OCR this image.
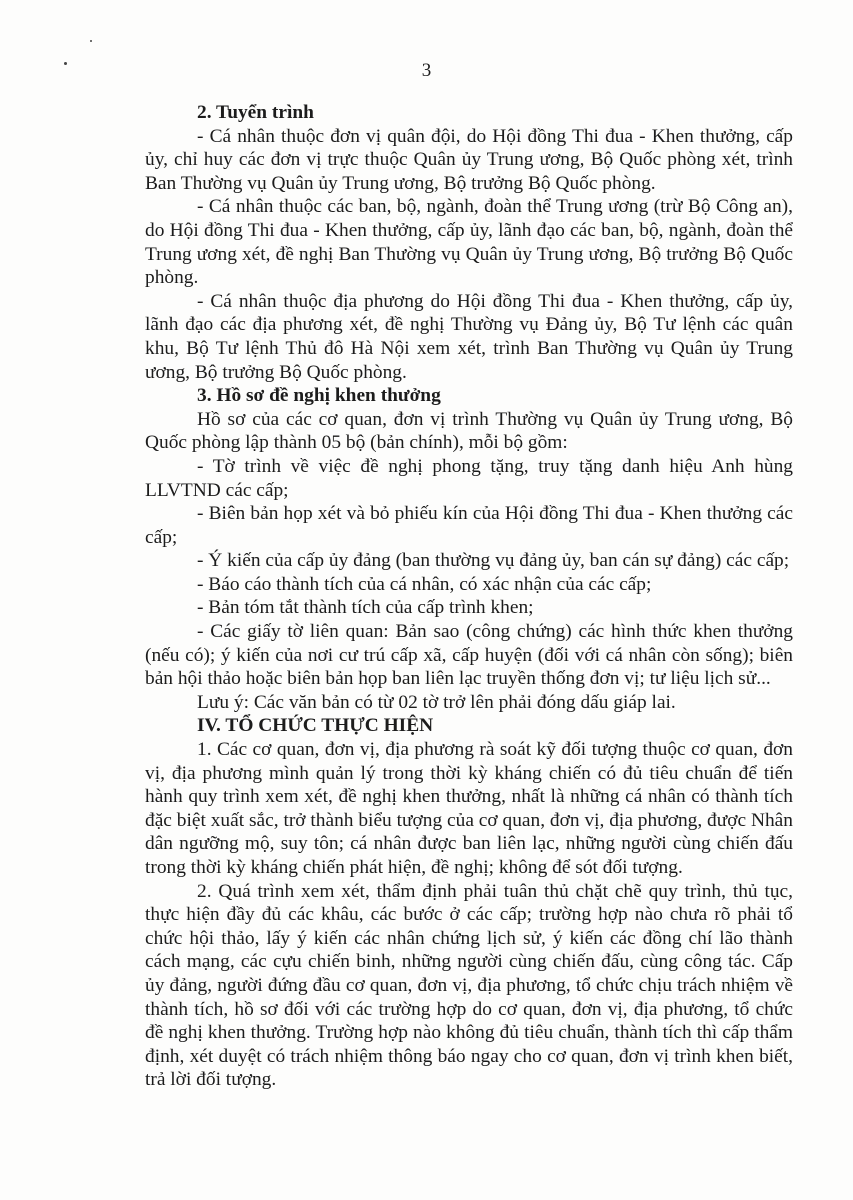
3
2. Tuyển trình

- Cá nhân thuộc đơn vị quân đội, do Hội đồng Thi đua - Khen thưởng, cấp ủy, chỉ huy các đơn vị trực thuộc Quân ủy Trung ương, Bộ Quốc phòng xét, trình Ban Thường vụ Quân ủy Trung ương, Bộ trưởng Bộ Quốc phòng.

- Cá nhân thuộc các ban, bộ, ngành, đoàn thể Trung ương (trừ Bộ Công an), do Hội đồng Thi đua - Khen thưởng, cấp ủy, lãnh đạo các ban, bộ, ngành, đoàn thể Trung ương xét, đề nghị Ban Thường vụ Quân ủy Trung ương, Bộ trưởng Bộ Quốc phòng.

- Cá nhân thuộc địa phương do Hội đồng Thi đua - Khen thưởng, cấp ủy, lãnh đạo các địa phương xét, đề nghị Thường vụ Đảng ủy, Bộ Tư lệnh các quân khu, Bộ Tư lệnh Thủ đô Hà Nội xem xét, trình Ban Thường vụ Quân ủy Trung ương, Bộ trưởng Bộ Quốc phòng.

3. Hồ sơ đề nghị khen thưởng

Hồ sơ của các cơ quan, đơn vị trình Thường vụ Quân ủy Trung ương, Bộ Quốc phòng lập thành 05 bộ (bản chính), mỗi bộ gồm:

- Tờ trình về việc đề nghị phong tặng, truy tặng danh hiệu Anh hùng LLVTND các cấp;

- Biên bản họp xét và bỏ phiếu kín của Hội đồng Thi đua - Khen thưởng các cấp;

- Ý kiến của cấp ủy đảng (ban thường vụ đảng ủy, ban cán sự đảng) các cấp;

- Báo cáo thành tích của cá nhân, có xác nhận của các cấp;

- Bản tóm tắt thành tích của cấp trình khen;

- Các giấy tờ liên quan: Bản sao (công chứng) các hình thức khen thưởng (nếu có); ý kiến của nơi cư trú cấp xã, cấp huyện (đối với cá nhân còn sống); biên bản hội thảo hoặc biên bản họp ban liên lạc truyền thống đơn vị; tư liệu lịch sử...

Lưu ý: Các văn bản có từ 02 tờ trở lên phải đóng dấu giáp lai.

IV. TỔ CHỨC THỰC HIỆN

1. Các cơ quan, đơn vị, địa phương rà soát kỹ đối tượng thuộc cơ quan, đơn vị, địa phương mình quản lý trong thời kỳ kháng chiến có đủ tiêu chuẩn để tiến hành quy trình xem xét, đề nghị khen thưởng, nhất là những cá nhân có thành tích đặc biệt xuất sắc, trở thành biểu tượng của cơ quan, đơn vị, địa phương, được Nhân dân ngưỡng mộ, suy tôn; cá nhân được ban liên lạc, những người cùng chiến đấu trong thời kỳ kháng chiến phát hiện, đề nghị; không để sót đối tượng.

2. Quá trình xem xét, thẩm định phải tuân thủ chặt chẽ quy trình, thủ tục, thực hiện đầy đủ các khâu, các bước ở các cấp; trường hợp nào chưa rõ phải tổ chức hội thảo, lấy ý kiến các nhân chứng lịch sử, ý kiến các đồng chí lão thành cách mạng, các cựu chiến binh, những người cùng chiến đấu, cùng công tác. Cấp ủy đảng, người đứng đầu cơ quan, đơn vị, địa phương, tổ chức chịu trách nhiệm về thành tích, hồ sơ đối với các trường hợp do cơ quan, đơn vị, địa phương, tổ chức đề nghị khen thưởng. Trường hợp nào không đủ tiêu chuẩn, thành tích thì cấp thẩm định, xét duyệt có trách nhiệm thông báo ngay cho cơ quan, đơn vị trình khen biết, trả lời đối tượng.
